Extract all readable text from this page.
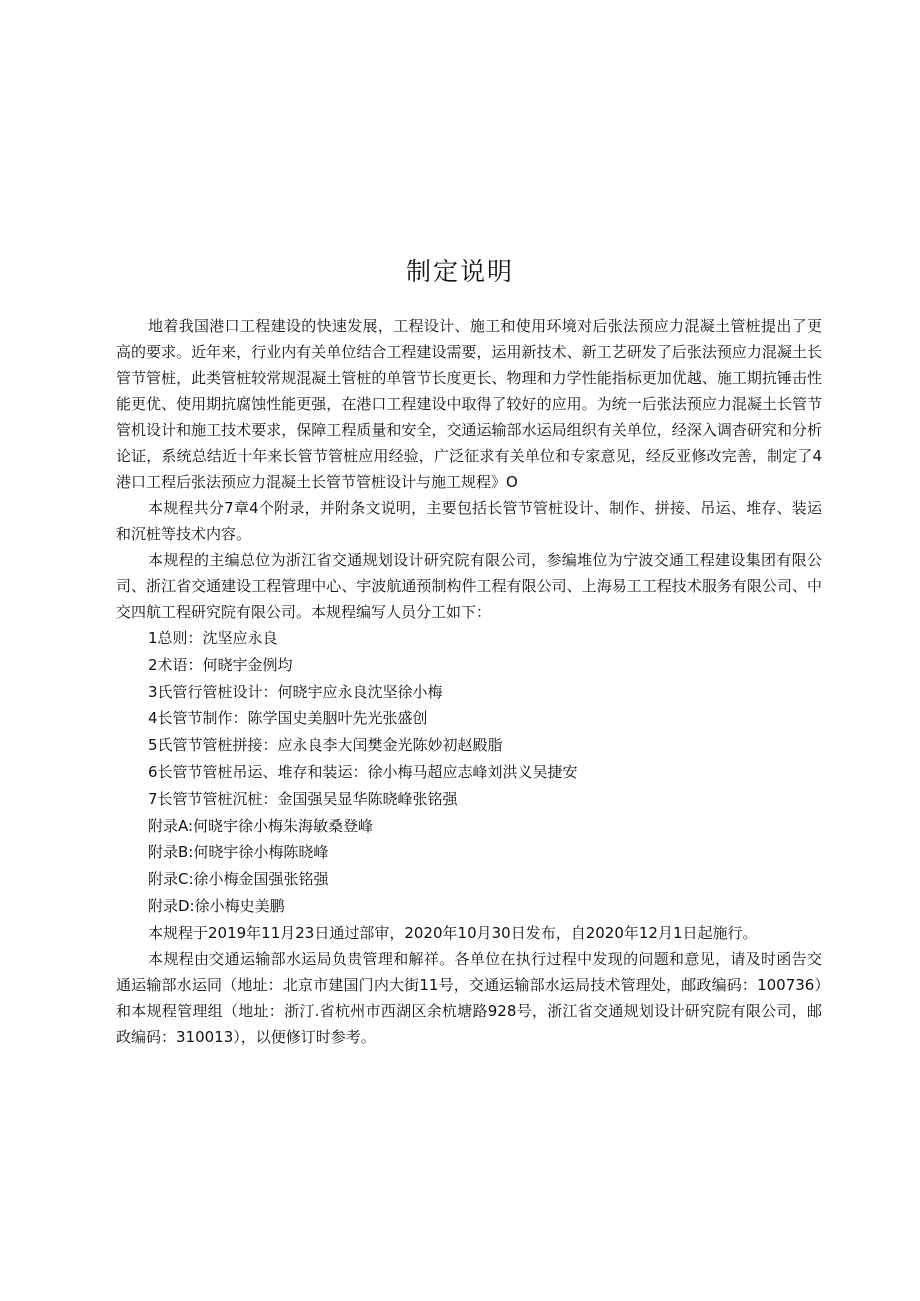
制定说明

地着我国港口工程建设的快速发展，工程设计、施工和使用环境对后张法预应力混凝土管桩提出了更高的要求。近年来，行业内有关单位结合工程建设需要，运用新技术、新工艺研发了后张法预应力混凝土长管节管桩，此类管桩较常规混凝土管桩的单管节长度更长、物理和力学性能指标更加优越、施工期抗锤击性能更优、使用期抗腐蚀性能更强，在港口工程建设中取得了较好的应用。为统一后张法预应力混凝土长管节管机设计和施工技术要求，保障工程质量和安全，交通运输部水运局组织有关单位，经深入调杳研究和分析论证，系统总结近十年来长管节管桩应用经验，广泛征求有关单位和专家意见，经反亚修改完善，制定了4港口工程后张法预应力混凝土长管节管桩设计与施工规程》O

本规程共分7章4个附录，并附条文说明，主要包括长管节管桩设计、制作、拼接、吊运、堆存、装运和沉桩等技术内容。

本规程的主编总位为浙江省交通规划设计研究院有限公司，参编堆位为宁波交通工程建设集团有限公司、浙江省交通建设工程管理中心、宇波航通预制构件工程有限公司、上海易工工程技术服务有限公司、中交四航工程研究院有限公司。本规程编写人员分工如下：

1总则：沈坚应永良

2术语：何晓宇金例均

3氏管行管桩设计：何晓宇应永良沈坚徐小梅

4长管节制作：陈学国史美胭叶先光张盛创

5氏管节管桩拼接：应永良李大闰樊金光陈妙初赵殿脂

6长管节管桩吊运、堆存和装运：徐小梅马超应志峰刘洪义吴捷安

7长管节管桩沉桩：金国强吴显华陈晓峰张铭强

附录A:何晓宇徐小梅朱海敏桑登峰

附录B:何晓宇徐小梅陈晓峰

附录C:徐小梅金国强张铭强

附录D:徐小梅史美鹏

本规程于2019年11月23日通过部审，2020年10月30日发布，自2020年12月1日起施行。

本规程由交通运输部水运局负贵管理和解祥。各单位在执行过程中发现的问题和意见，请及时函告交通运输部水运同（地址：北京市建国门内大街11号，交通运输部水运局技术管理处，邮政编码：100736）和本规程管理组（地址：浙汀.省杭州市西湖区余杭塘路928号，浙江省交通规划设计研究院有限公司，邮政编码：310013），以便修订时参考。
